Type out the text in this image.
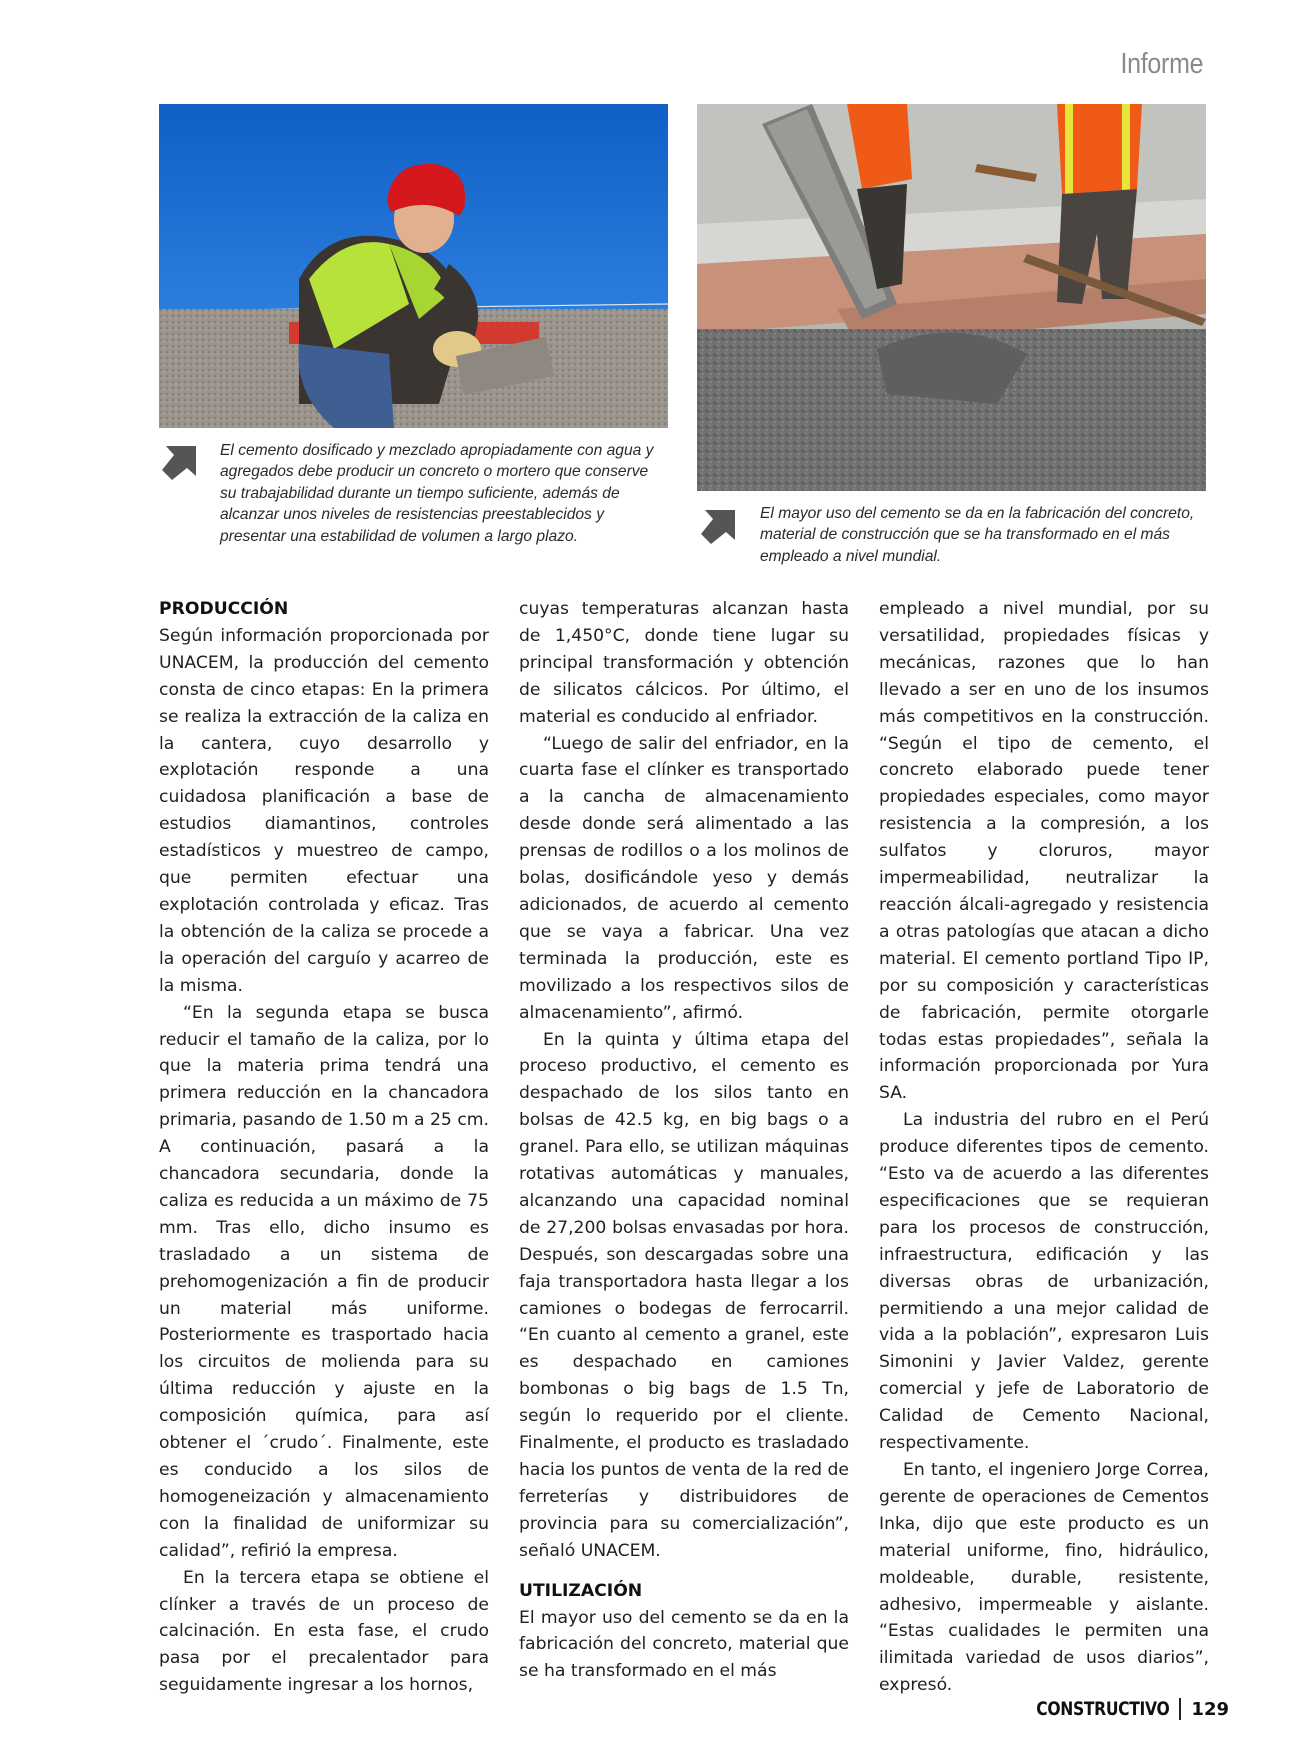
Informe
El cemento dosificado y mezclado apropiadamente con agua y agregados debe producir un concreto o mortero que conserve su trabajabilidad durante un tiempo suficiente, además de alcanzar unos niveles de resistencias preestablecidos y presentar una estabilidad de volumen a largo plazo.
El mayor uso del cemento se da en la fabricación del concreto, material de construcción que se ha transformado en el más empleado a nivel mundial.
PRODUCCIÓN

Según información proporcionada por UNACEM, la producción del cemento consta de cinco etapas: En la primera se realiza la extracción de la caliza en la cantera, cuyo desarrollo y explotación responde a una cuidadosa planificación a base de estudios diamantinos, controles estadísticos y muestreo de campo, que permiten efectuar una explotación controlada y eficaz. Tras la obtención de la caliza se procede a la operación del carguío y acarreo de la misma.

“En la segunda etapa se busca reducir el tamaño de la caliza, por lo que la materia prima tendrá una primera reducción en la chancadora primaria, pasando de 1.50 m a 25 cm. A continuación, pasará a la chancadora secundaria, donde la caliza es reducida a un máximo de 75 mm. Tras ello, dicho insumo es trasladado a un sistema de prehomogenización a fin de producir un material más uniforme. Posteriormente es trasportado hacia los circuitos de molienda para su última reducción y ajuste en la composición química, para así obtener el ´crudo´. Finalmente, este es conducido a los silos de homogeneización y almacenamiento con la finalidad de uniformizar su calidad”, refirió la empresa.

En la tercera etapa se obtiene el clínker a través de un proceso de calcinación. En esta fase, el crudo pasa por el precalentador para seguidamente ingresar a los hornos,

cuyas temperaturas alcanzan hasta de 1,450°C, donde tiene lugar su principal transformación y obtención de silicatos cálcicos. Por último, el material es conducido al enfriador.

“Luego de salir del enfriador, en la cuarta fase el clínker es transportado a la cancha de almacenamiento desde donde será alimentado a las prensas de rodillos o a los molinos de bolas, dosificándole yeso y demás adicionados, de acuerdo al cemento que se vaya a fabricar. Una vez terminada la producción, este es movilizado a los respectivos silos de almacenamiento”, afirmó.

En la quinta y última etapa del proceso productivo, el cemento es despachado de los silos tanto en bolsas de 42.5 kg, en big bags o a granel. Para ello, se utilizan máquinas rotativas automáticas y manuales, alcanzando una capacidad nominal de 27,200 bolsas envasadas por hora. Después, son descargadas sobre una faja transportadora hasta llegar a los camiones o bodegas de ferrocarril. “En cuanto al cemento a granel, este es despachado en camiones bombonas o big bags de 1.5 Tn, según lo requerido por el cliente. Finalmente, el producto es trasladado hacia los puntos de venta de la red de ferreterías y distribuidores de provincia para su comercialización”, señaló UNACEM.

UTILIZACIÓN

El mayor uso del cemento se da en la fabricación del concreto, material que se ha transformado en el más

empleado a nivel mundial, por su versatilidad, propiedades físicas y mecánicas, razones que lo han llevado a ser en uno de los insumos más competitivos en la construcción. “Según el tipo de cemento, el concreto elaborado puede tener propiedades especiales, como mayor resistencia a la compresión, a los sulfatos y cloruros, mayor impermeabilidad, neutralizar la reacción álcali-agregado y resistencia a otras patologías que atacan a dicho material. El cemento portland Tipo IP, por su composición y características de fabricación, permite otorgarle todas estas propiedades”, señala la información proporcionada por Yura SA.

La industria del rubro en el Perú produce diferentes tipos de cemento. “Esto va de acuerdo a las diferentes especificaciones que se requieran para los procesos de construcción, infraestructura, edificación y las diversas obras de urbanización, permitiendo a una mejor calidad de vida a la población”, expresaron Luis Simonini y Javier Valdez, gerente comercial y jefe de Laboratorio de Calidad de Cemento Nacional, respectivamente.

En tanto, el ingeniero Jorge Correa, gerente de operaciones de Cementos Inka, dijo que este producto es un material uniforme, fino, hidráulico, moldeable, durable, resistente, adhesivo, impermeable y aislante. “Estas cualidades le permiten una ilimitada variedad de usos diarios”, expresó.

CONSTRUCTIVO 129
